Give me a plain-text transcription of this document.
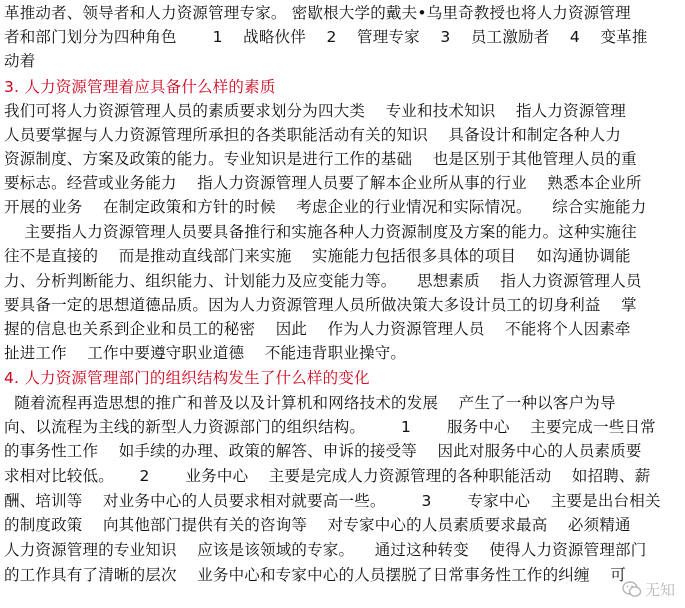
革推动者、领导者和人力资源管理专家。 密歇根大学的戴夫•乌里奇教授也将人力资源管理
者和部门划分为四种角色       1    战略伙伴    2    管理专家    3    员工激励者    4    变革推
动着
3. 人力资源管理着应具备什么样的素质
我们可将人力资源管理人员的素质要求划分为四大类    专业和技术知识    指人力资源管理
人员要掌握与人力资源管理所承担的各类职能活动有关的知识    具备设计和制定各种人力
资源制度、方案及政策的能力。专业知识是进行工作的基础    也是区别于其他管理人员的重
要标志。经营或业务能力    指人力资源管理人员要了解本企业所从事的行业    熟悉本企业所
开展的业务    在制定政策和方针的时候    考虑企业的行业情况和实际情况。    综合实施能力
主要指人力资源管理人员要具备推行和实施各种人力资源制度及方案的能力。这种实施往
往不是直接的    而是推动直线部门来实施    实施能力包括很多具体的项目    如沟通协调能
力、分析判断能力、组织能力、计划能力及应变能力等。    思想素质    指人力资源管理人员
要具备一定的思想道德品质。因为人力资源管理人员所做决策大多设计员工的切身利益    掌
握的信息也关系到企业和员工的秘密    因此    作为人力资源管理人员    不能将个人因素牵
扯进工作    工作中要遵守职业道德    不能违背职业操守。
4. 人力资源管理部门的组织结构发生了什么样的变化
随着流程再造思想的推广和普及以及计算机和网络技术的发展    产生了一种以客户为导
向、以流程为主线的新型人力资源部门的组织结构。       1       服务中心    主要完成一些日常
的事务性工作    如手续的办理、政策的解答、申诉的接受等    因此对服务中心的人员素质要
求相对比较低。     2       业务中心    主要是完成人力资源管理的各种职能活动    如招聘、薪
酬、培训等    对业务中心的人员要求相对就要高一些。       3       专家中心    主要是出台相关
的制度政策    向其他部门提供有关的咨询等    对专家中心的人员素质要求最高    必须精通
人力资源管理的专业知识    应该是该领域的专家。    通过这种转变    使得人力资源管理部门
的工作具有了清晰的层次    业务中心和专家中心的人员摆脱了日常事务性工作的纠缠    可
无知
